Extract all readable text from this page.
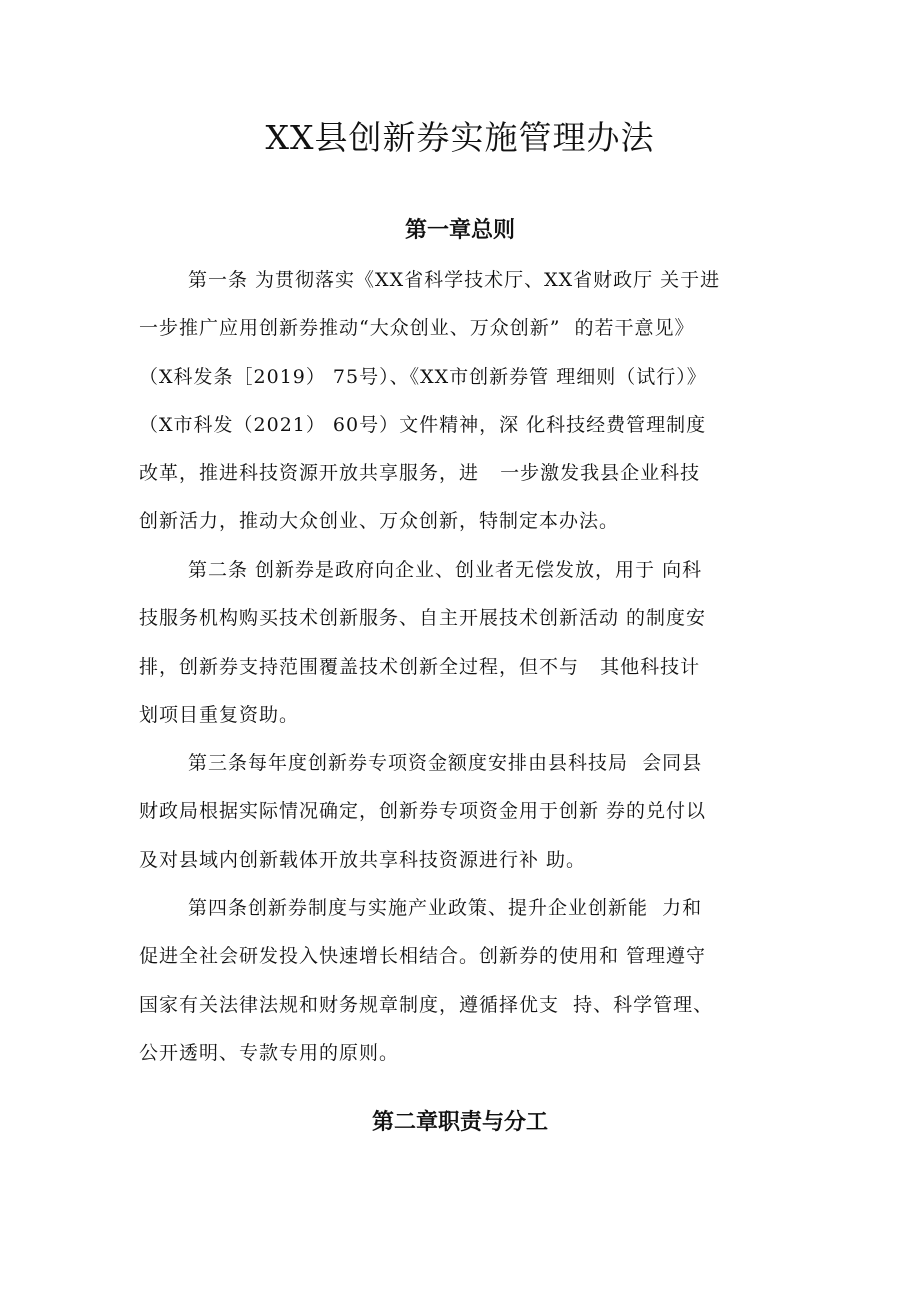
XX县创新券实施管理办法
第一章总则
第一条 为贯彻落实《XX省科学技术厅、XX省财政厅 关于进
一步推广应用创新券推动“大众创业、万众创新”  的若干意见》
（X科发条［2019） 75号）、《XX市创新券管 理细则（试行）》
（X市科发（2021） 60号）文件精神，深 化科技经费管理制度
改革，推进科技资源开放共享服务，进   一步激发我县企业科技
创新活力，推动大众创业、万众创新，特制定本办法。
第二条 创新券是政府向企业、创业者无偿发放，用于 向科
技服务机构购买技术创新服务、自主开展技术创新活动 的制度安
排，创新券支持范围覆盖技术创新全过程，但不与   其他科技计
划项目重复资助。
第三条每年度创新券专项资金额度安排由县科技局  会同县
财政局根据实际情况确定，创新券专项资金用于创新 券的兑付以
及对县域内创新载体开放共享科技资源进行补 助。
第四条创新券制度与实施产业政策、提升企业创新能  力和
促进全社会研发投入快速增长相结合。创新券的使用和 管理遵守
国家有关法律法规和财务规章制度，遵循择优支  持、科学管理、
公开透明、专款专用的原则。
第二章职责与分工
